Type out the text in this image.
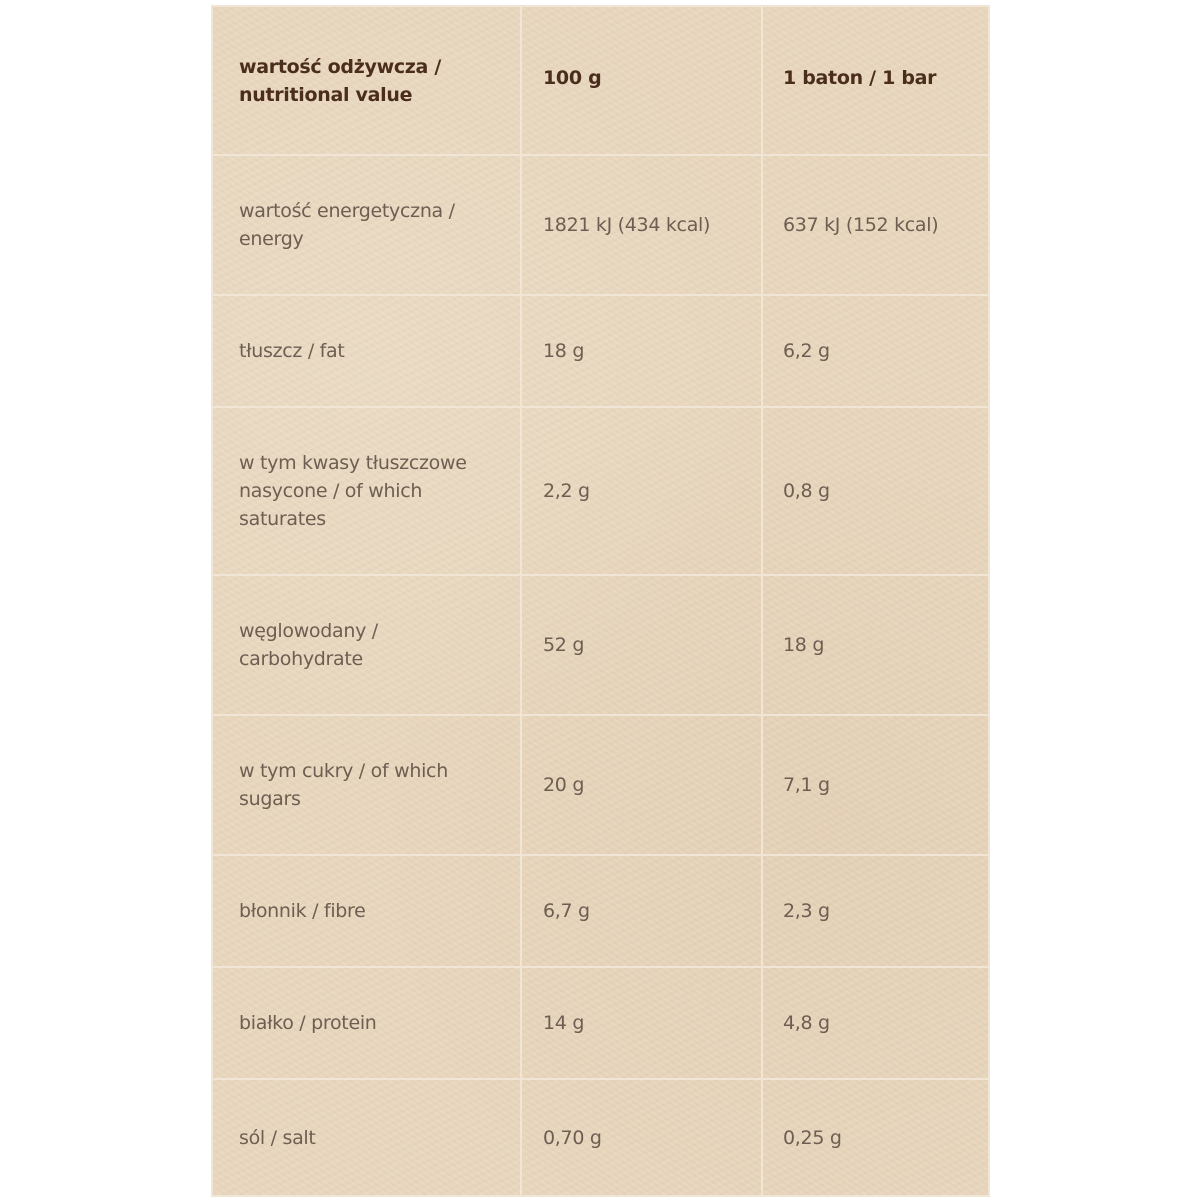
wartość odżywcza / nutritional value	100 g	1 baton / 1 bar
wartość energetyczna / energy	1821 kJ (434 kcal)	637 kJ (152 kcal)
tłuszcz / fat	18 g	6,2 g
w tym kwasy tłuszczowe nasycone / of which saturates	2,2 g	0,8 g
węglowodany / carbohydrate	52 g	18 g
w tym cukry / of which sugars	20 g	7,1 g
błonnik / fibre	6,7 g	2,3 g
białko / protein	14 g	4,8 g
sól / salt	0,70 g	0,25 g
